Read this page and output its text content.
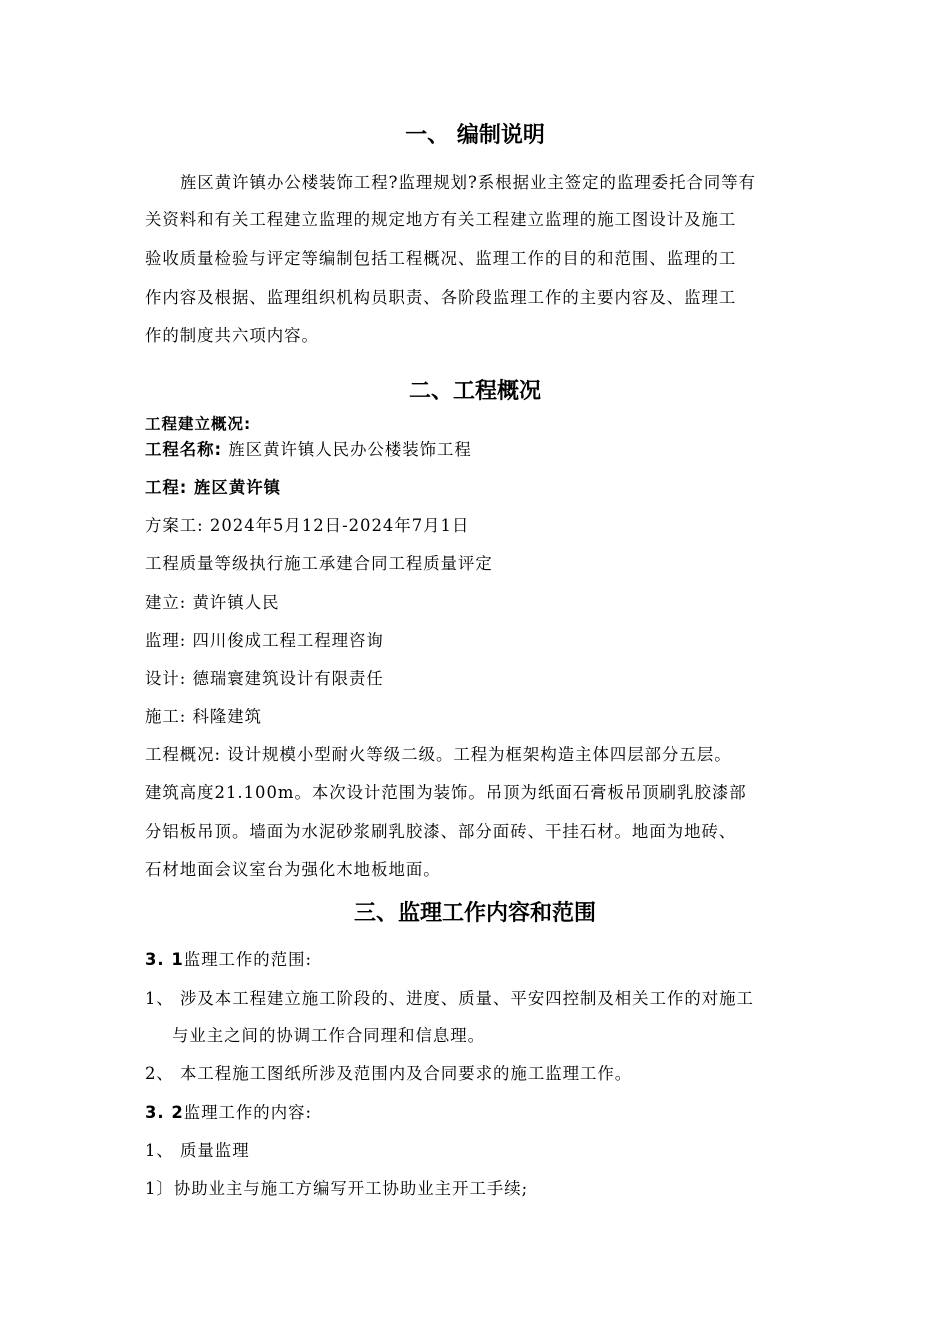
一、 编制说明
旌区黄许镇办公楼装饰工程?监理规划?系根据业主签定的监理委托合同等有
关资料和有关工程建立监理的规定地方有关工程建立监理的施工图设计及施工
验收质量检验与评定等编制包括工程概况、监理工作的目的和范围、监理的工
作内容及根据、监理组织机构员职责、各阶段监理工作的主要内容及、监理工
作的制度共六项内容。
二、工程概况
工程建立概况:
工程名称: 旌区黄许镇人民办公楼装饰工程
工程: 旌区黄许镇
方案工: 2024年5月12日-2024年7月1日
工程质量等级执行施工承建合同工程质量评定
建立: 黄许镇人民
监理: 四川俊成工程工程理咨询
设计: 德瑞寰建筑设计有限责任
施工: 科隆建筑
工程概况: 设计规模小型耐火等级二级。工程为框架构造主体四层部分五层。
建筑高度21.100m。本次设计范围为装饰。吊顶为纸面石膏板吊顶刷乳胶漆部
分铝板吊顶。墙面为水泥砂浆刷乳胶漆、部分面砖、干挂石材。地面为地砖、
石材地面会议室台为强化木地板地面。
三、监理工作内容和范围
3. 1监理工作的范围:
1、 涉及本工程建立施工阶段的、进度、质量、平安四控制及相关工作的对施工
与业主之间的协调工作合同理和信息理。
2、 本工程施工图纸所涉及范围内及合同要求的施工监理工作。
3. 2监理工作的内容:
1、 质量监理
1〕协助业主与施工方编写开工协助业主开工手续;
